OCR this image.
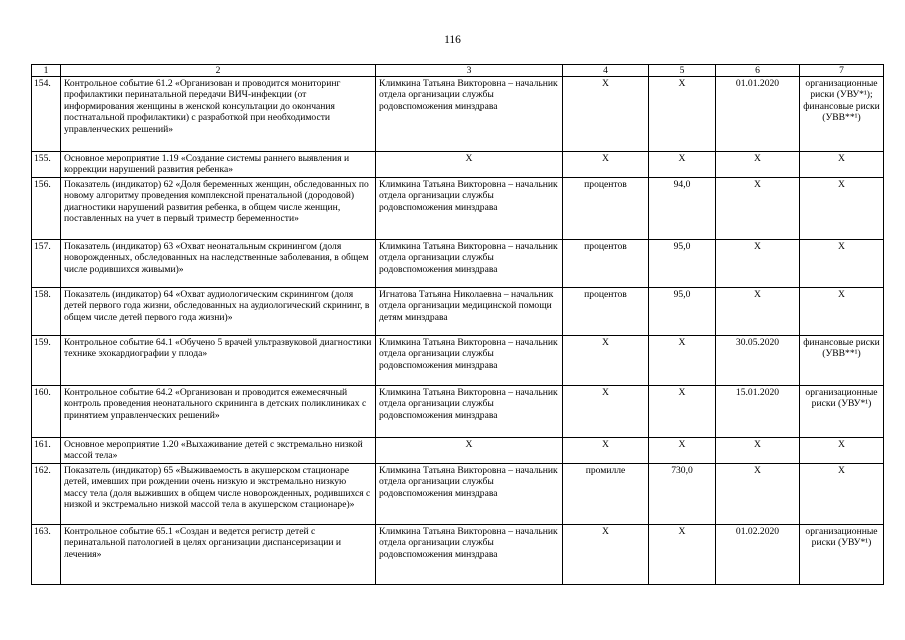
116
1	2	3	4	5	6	7
154.	Контрольное событие 61.2 «Организован и проводится монитоpинг профилактики перинатальной передачи ВИЧ-инфекции (от информирования женщины в женской консультации до окончания постнатальной профилактики) с разработкой при необходимости управленческих решений»	Климкина Татьяна Викторовна – начальник отдела организации службы родовспоможения минздрава	Х	Х	01.01.2020	организационные риски (УВУ*¹); финансовые риски (УВВ**¹)
155.	Основное мероприятие 1.19 «Создание системы раннего выявления и коррекции нарушений развития ребенка»	Х	Х	Х	Х	Х
156.	Показатель (индикатор) 62 «Доля беременных женщин, обследованных по новому алгоритму проведения комплексной пренатальной (дородовой) диагностики нарушений развития ребенка, в общем числе женщин, поставленных на учет в первый триместр беременности»	Климкина Татьяна Викторовна – начальник отдела организации службы родовспоможения минздрава	процентов	94,0	Х	Х
157.	Показатель (индикатор) 63 «Охват неонатальным скринингом (доля новорожденных, обследованных на наследственные заболевания, в общем числе родившихся живыми)»	Климкина Татьяна Викторовна – начальник отдела организации службы родовспоможения минздрава	процентов	95,0	Х	Х
158.	Показатель (индикатор) 64 «Охват аудиологическим скринингом (доля детей первого года жизни, обследованных на аудиологический скрининг, в общем числе детей первого года жизни)»	Игнатова Татьяна Николаевна – начальник отдела организации медицинской помощи детям минздрава	процентов	95,0	Х	Х
159.	Контрольное событие 64.1 «Обучено 5 врачей ультразвуковой диагностики технике эхокардиографии у плода»	Климкина Татьяна Викторовна – начальник отдела организации службы родовспоможения минздрава	Х	Х	30.05.2020	финансовые риски (УВВ**¹)
160.	Контрольное событие 64.2 «Организован и проводится ежемесячный контроль проведения неонатального скрининга в детских поликлиниках с принятием управленческих решений»	Климкина Татьяна Викторовна – начальник отдела организации службы родовспоможения минздрава	Х	Х	15.01.2020	организационные риски (УВУ*¹)
161.	Основное мероприятие 1.20 «Выхаживание детей с экстремально низкой массой тела»	Х	Х	Х	Х	Х
162.	Показатель (индикатор) 65 «Выживаемость в акушерском стационаре детей, имевших при рождении очень низкую и экстремально низкую массу тела (доля выживших в общем числе новорожденных, родившихся с низкой и экстремально низкой массой тела в акушерском стационаре)»	Климкина Татьяна Викторовна – начальник отдела организации службы родовспоможения минздрава	промилле	730,0	Х	Х
163.	Контрольное событие 65.1 «Создан и ведется регистр детей с перинатальной патологией в целях организации диспансеризации и лечения»	Климкина Татьяна Викторовна – начальник отдела организации службы родовспоможения минздрава	Х	Х	01.02.2020	организационные риски (УВУ*¹)
